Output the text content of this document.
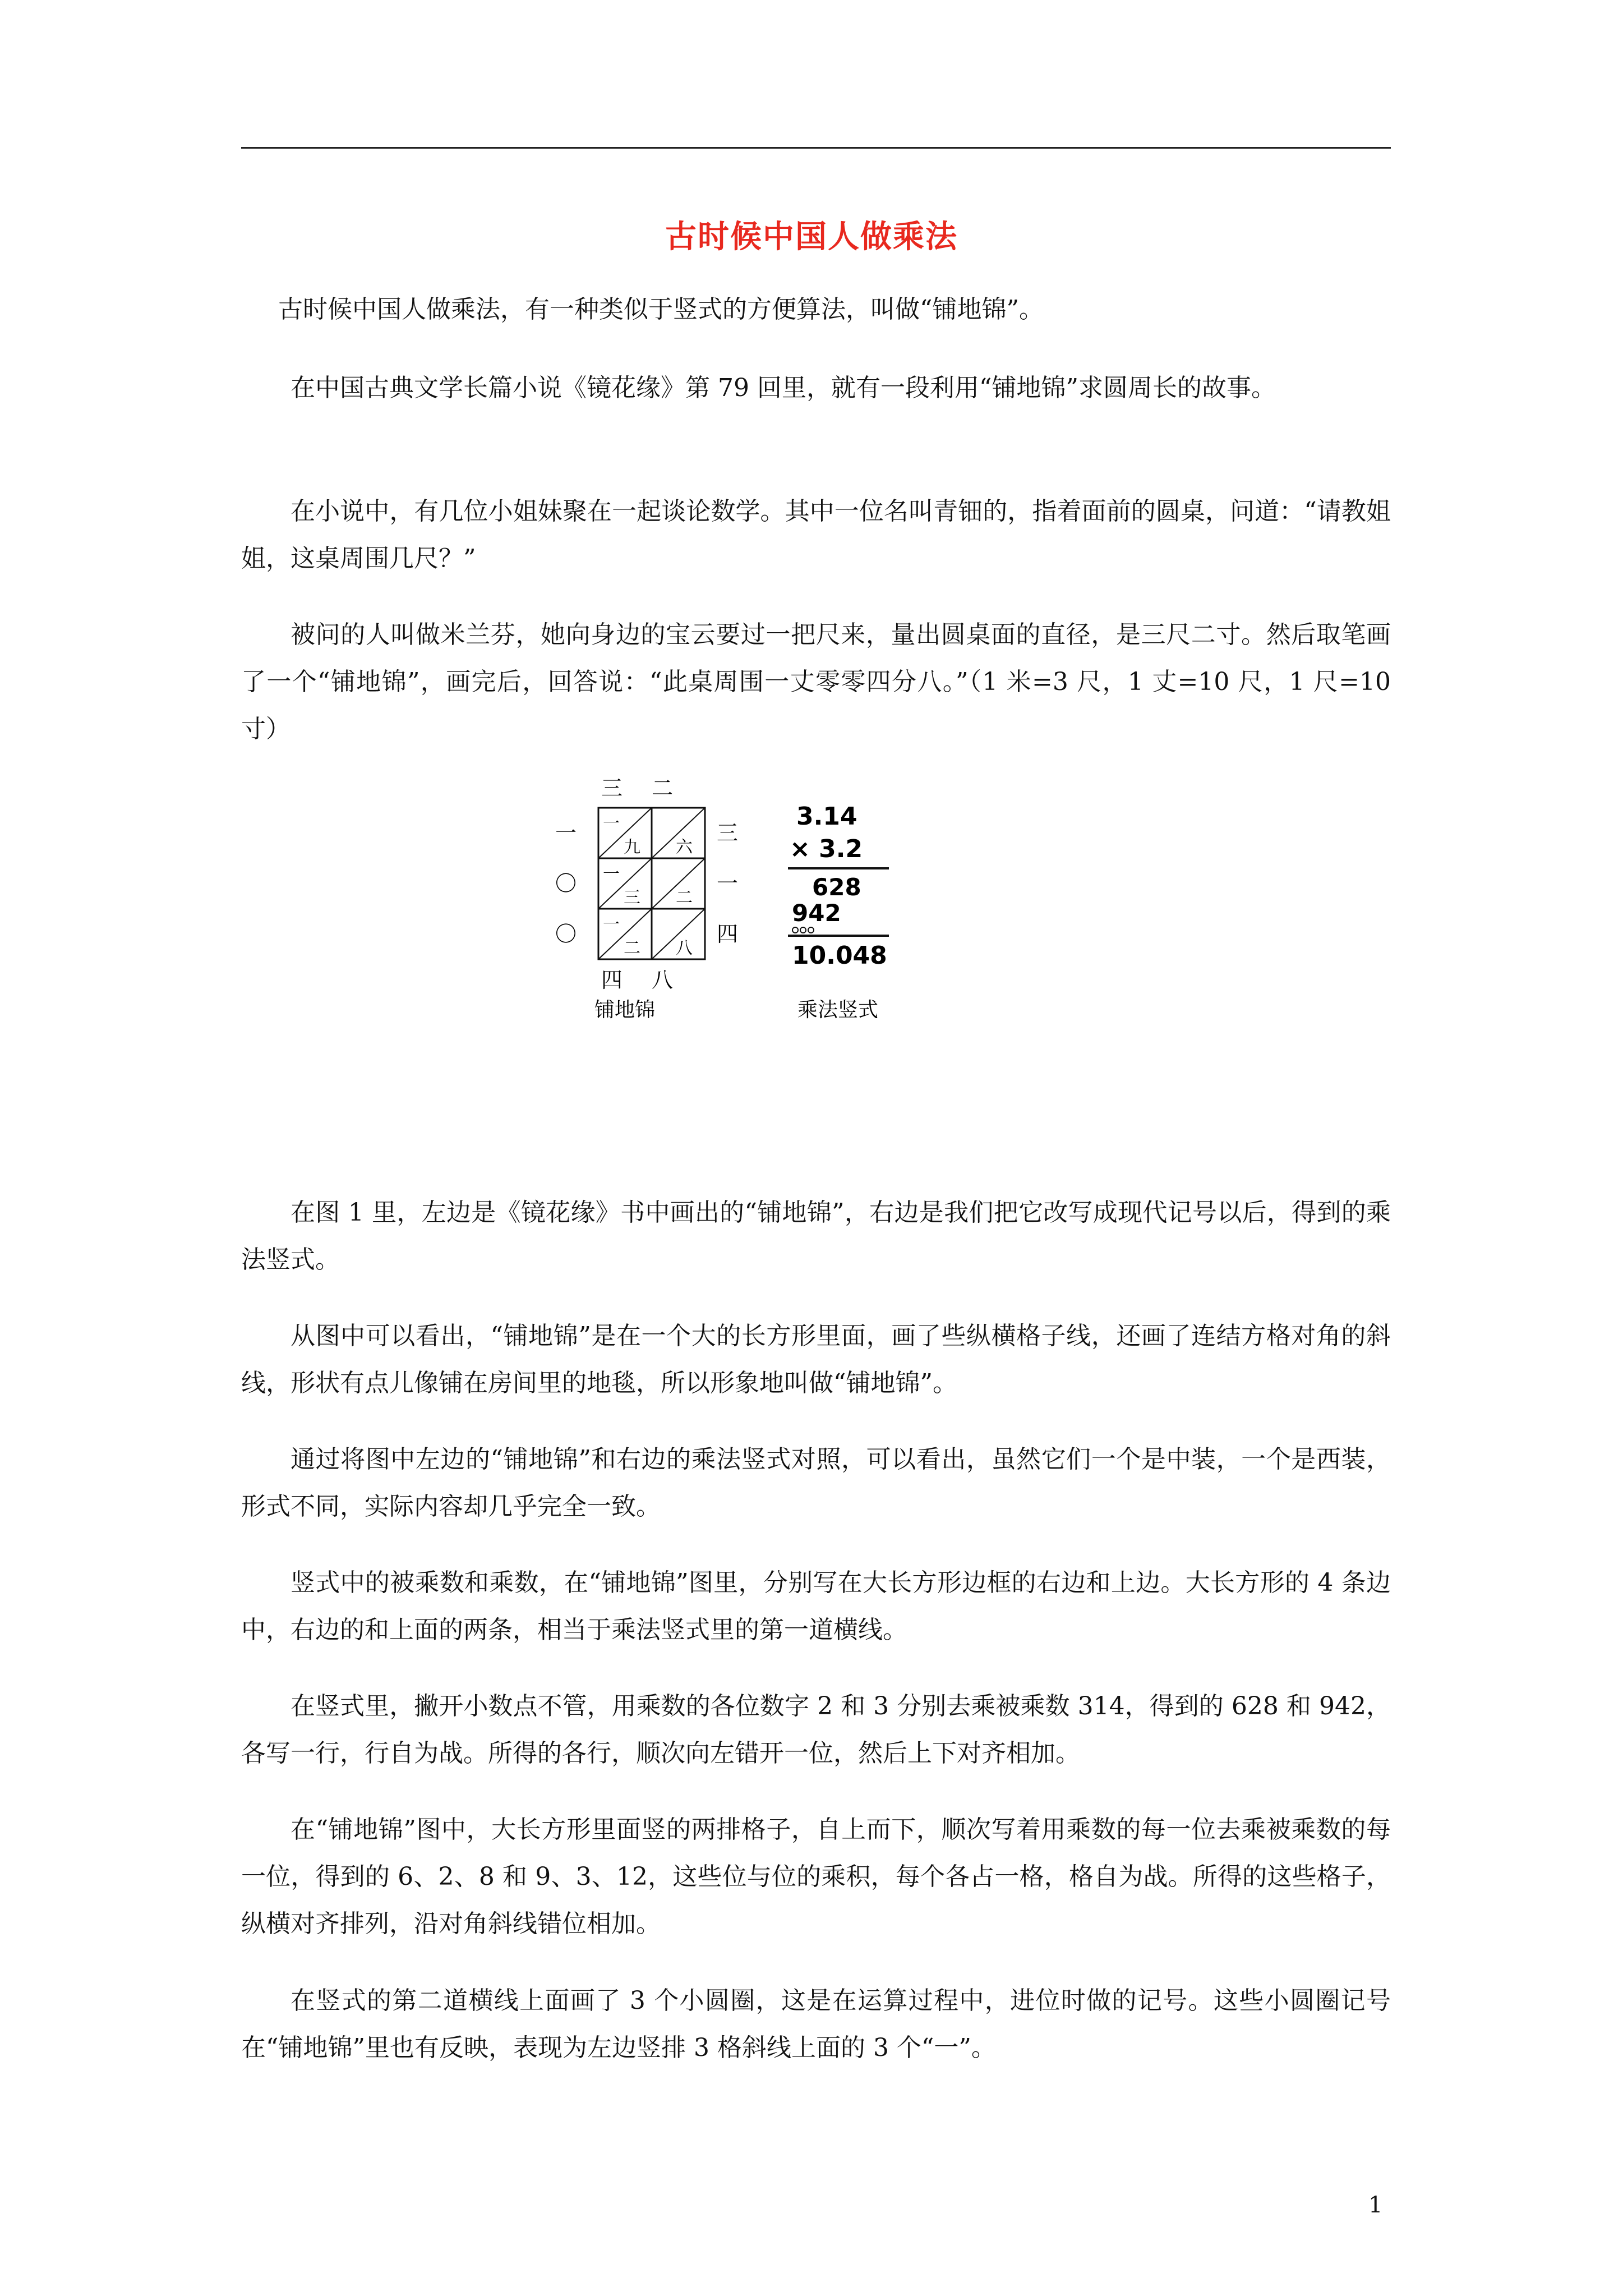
古时候中国人做乘法

古时候中国人做乘法，有一种类似于竖式的方便算法，叫做“铺地锦”。

在中国古典文学长篇小说《镜花缘》第 79 回里，就有一段利用“铺地锦”求圆周长的故事。

在小说中，有几位小姐妹聚在一起谈论数学。其中一位名叫青钿的，指着面前的圆桌，问道：“请教姐姐，这桌周围几尺？”

被问的人叫做米兰芬，她向身边的宝云要过一把尺来，量出圆桌面的直径，是三尺二寸。然后取笔画了一个“铺地锦”，画完后，回答说：“此桌周围一丈零零四分八。”（1 米=3 尺，1 丈=10 尺，1 尺=10 寸）

三 二
一
九 六
一
三 二
一
二 八
一
〇
〇
三
一
四
四 八
铺地锦
3.14
× 3.2
628
942
10.048
乘法竖式

在图 1 里，左边是《镜花缘》书中画出的“铺地锦”，右边是我们把它改写成现代记号以后，得到的乘法竖式。

从图中可以看出，“铺地锦”是在一个大的长方形里面，画了些纵横格子线，还画了连结方格对角的斜线，形状有点儿像铺在房间里的地毯，所以形象地叫做“铺地锦”。

通过将图中左边的“铺地锦”和右边的乘法竖式对照，可以看出，虽然它们一个是中装，一个是西装，形式不同，实际内容却几乎完全一致。

竖式中的被乘数和乘数，在“铺地锦”图里，分别写在大长方形边框的右边和上边。大长方形的 4 条边中，右边的和上面的两条，相当于乘法竖式里的第一道横线。

在竖式里，撇开小数点不管，用乘数的各位数字 2 和 3 分别去乘被乘数 314，得到的 628 和 942，各写一行，行自为战。所得的各行，顺次向左错开一位，然后上下对齐相加。

在“铺地锦”图中，大长方形里面竖的两排格子，自上而下，顺次写着用乘数的每一位去乘被乘数的每一位，得到的 6、2、8 和 9、3、12，这些位与位的乘积，每个各占一格，格自为战。所得的这些格子，纵横对齐排列，沿对角斜线错位相加。

在竖式的第二道横线上面画了 3 个小圆圈，这是在运算过程中，进位时做的记号。这些小圆圈记号在“铺地锦”里也有反映，表现为左边竖排 3 格斜线上面的 3 个“一”。

1
